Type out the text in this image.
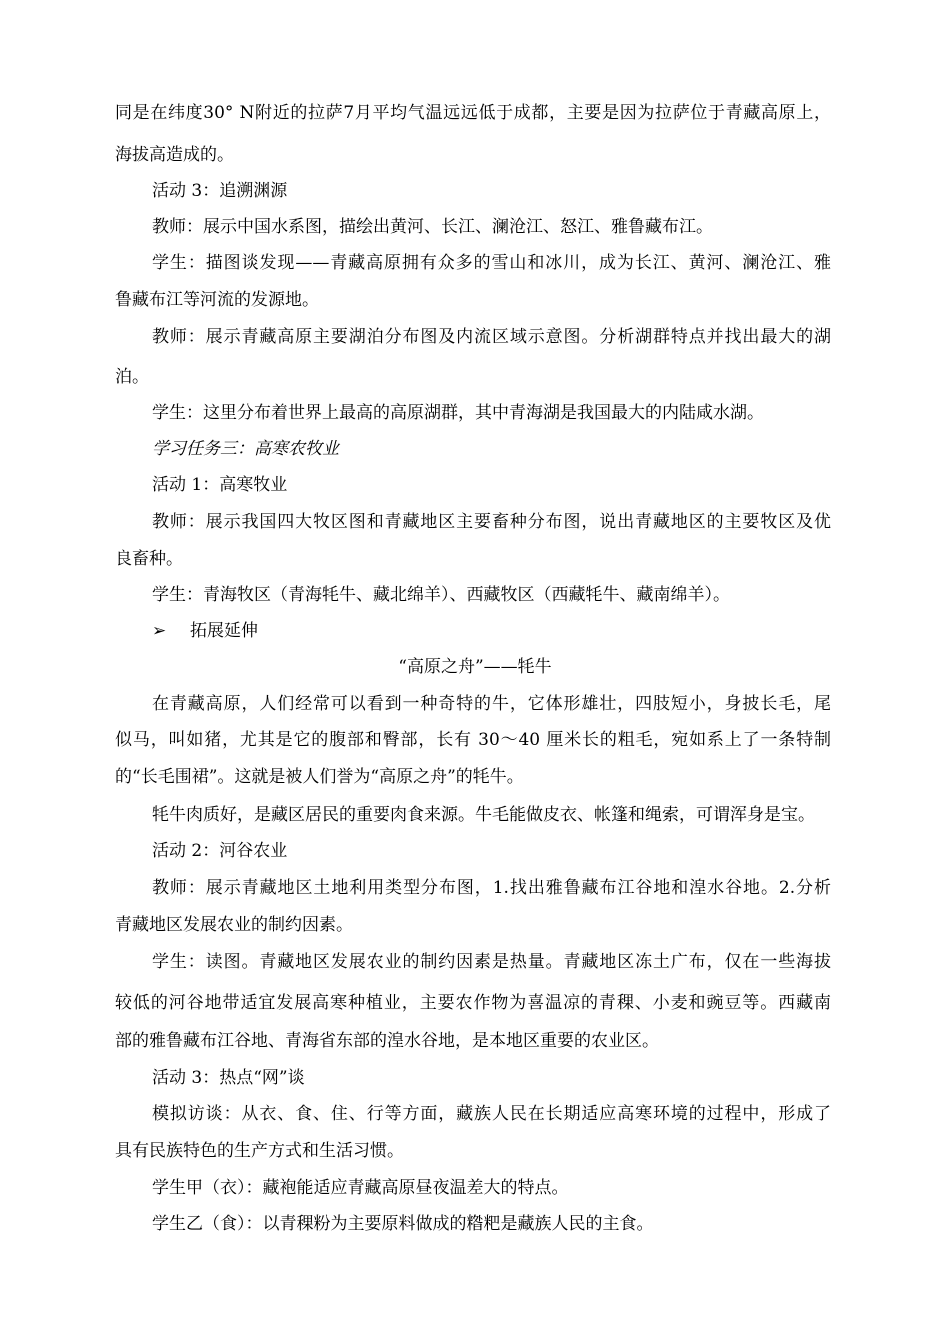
同是在纬度30° N附近的拉萨7月平均气温远远低于成都，主要是因为拉萨位于青藏高原上，
海拔高造成的。
活动 3：追溯渊源
教师：展示中国水系图，描绘出黄河、长江、澜沧江、怒江、雅鲁藏布江。
学生：描图谈发现——青藏高原拥有众多的雪山和冰川，成为长江、黄河、澜沧江、雅
鲁藏布江等河流的发源地。
教师：展示青藏高原主要湖泊分布图及内流区域示意图。分析湖群特点并找出最大的湖
泊。
学生：这里分布着世界上最高的高原湖群，其中青海湖是我国最大的内陆咸水湖。
学习任务三：高寒农牧业
活动 1：高寒牧业
教师：展示我国四大牧区图和青藏地区主要畜种分布图，说出青藏地区的主要牧区及优
良畜种。
学生：青海牧区（青海牦牛、藏北绵羊）、西藏牧区（西藏牦牛、藏南绵羊）。
➢ 拓展延伸
“高原之舟”——牦牛
在青藏高原，人们经常可以看到一种奇特的牛，它体形雄壮，四肢短小，身披长毛，尾
似马，叫如猪，尤其是它的腹部和臀部，长有 30～40 厘米长的粗毛，宛如系上了一条特制
的“长毛围裙”。这就是被人们誉为“高原之舟”的牦牛。
牦牛肉质好，是藏区居民的重要肉食来源。牛毛能做皮衣、帐篷和绳索，可谓浑身是宝。
活动 2：河谷农业
教师：展示青藏地区土地利用类型分布图，1.找出雅鲁藏布江谷地和湟水谷地。2.分析
青藏地区发展农业的制约因素。
学生：读图。青藏地区发展农业的制约因素是热量。青藏地区冻土广布，仅在一些海拔
较低的河谷地带适宜发展高寒种植业，主要农作物为喜温凉的青稞、小麦和豌豆等。西藏南
部的雅鲁藏布江谷地、青海省东部的湟水谷地，是本地区重要的农业区。
活动 3：热点“网”谈
模拟访谈：从衣、食、住、行等方面，藏族人民在长期适应高寒环境的过程中，形成了
具有民族特色的生产方式和生活习惯。
学生甲（衣）：藏袍能适应青藏高原昼夜温差大的特点。
学生乙（食）：以青稞粉为主要原料做成的糌粑是藏族人民的主食。
